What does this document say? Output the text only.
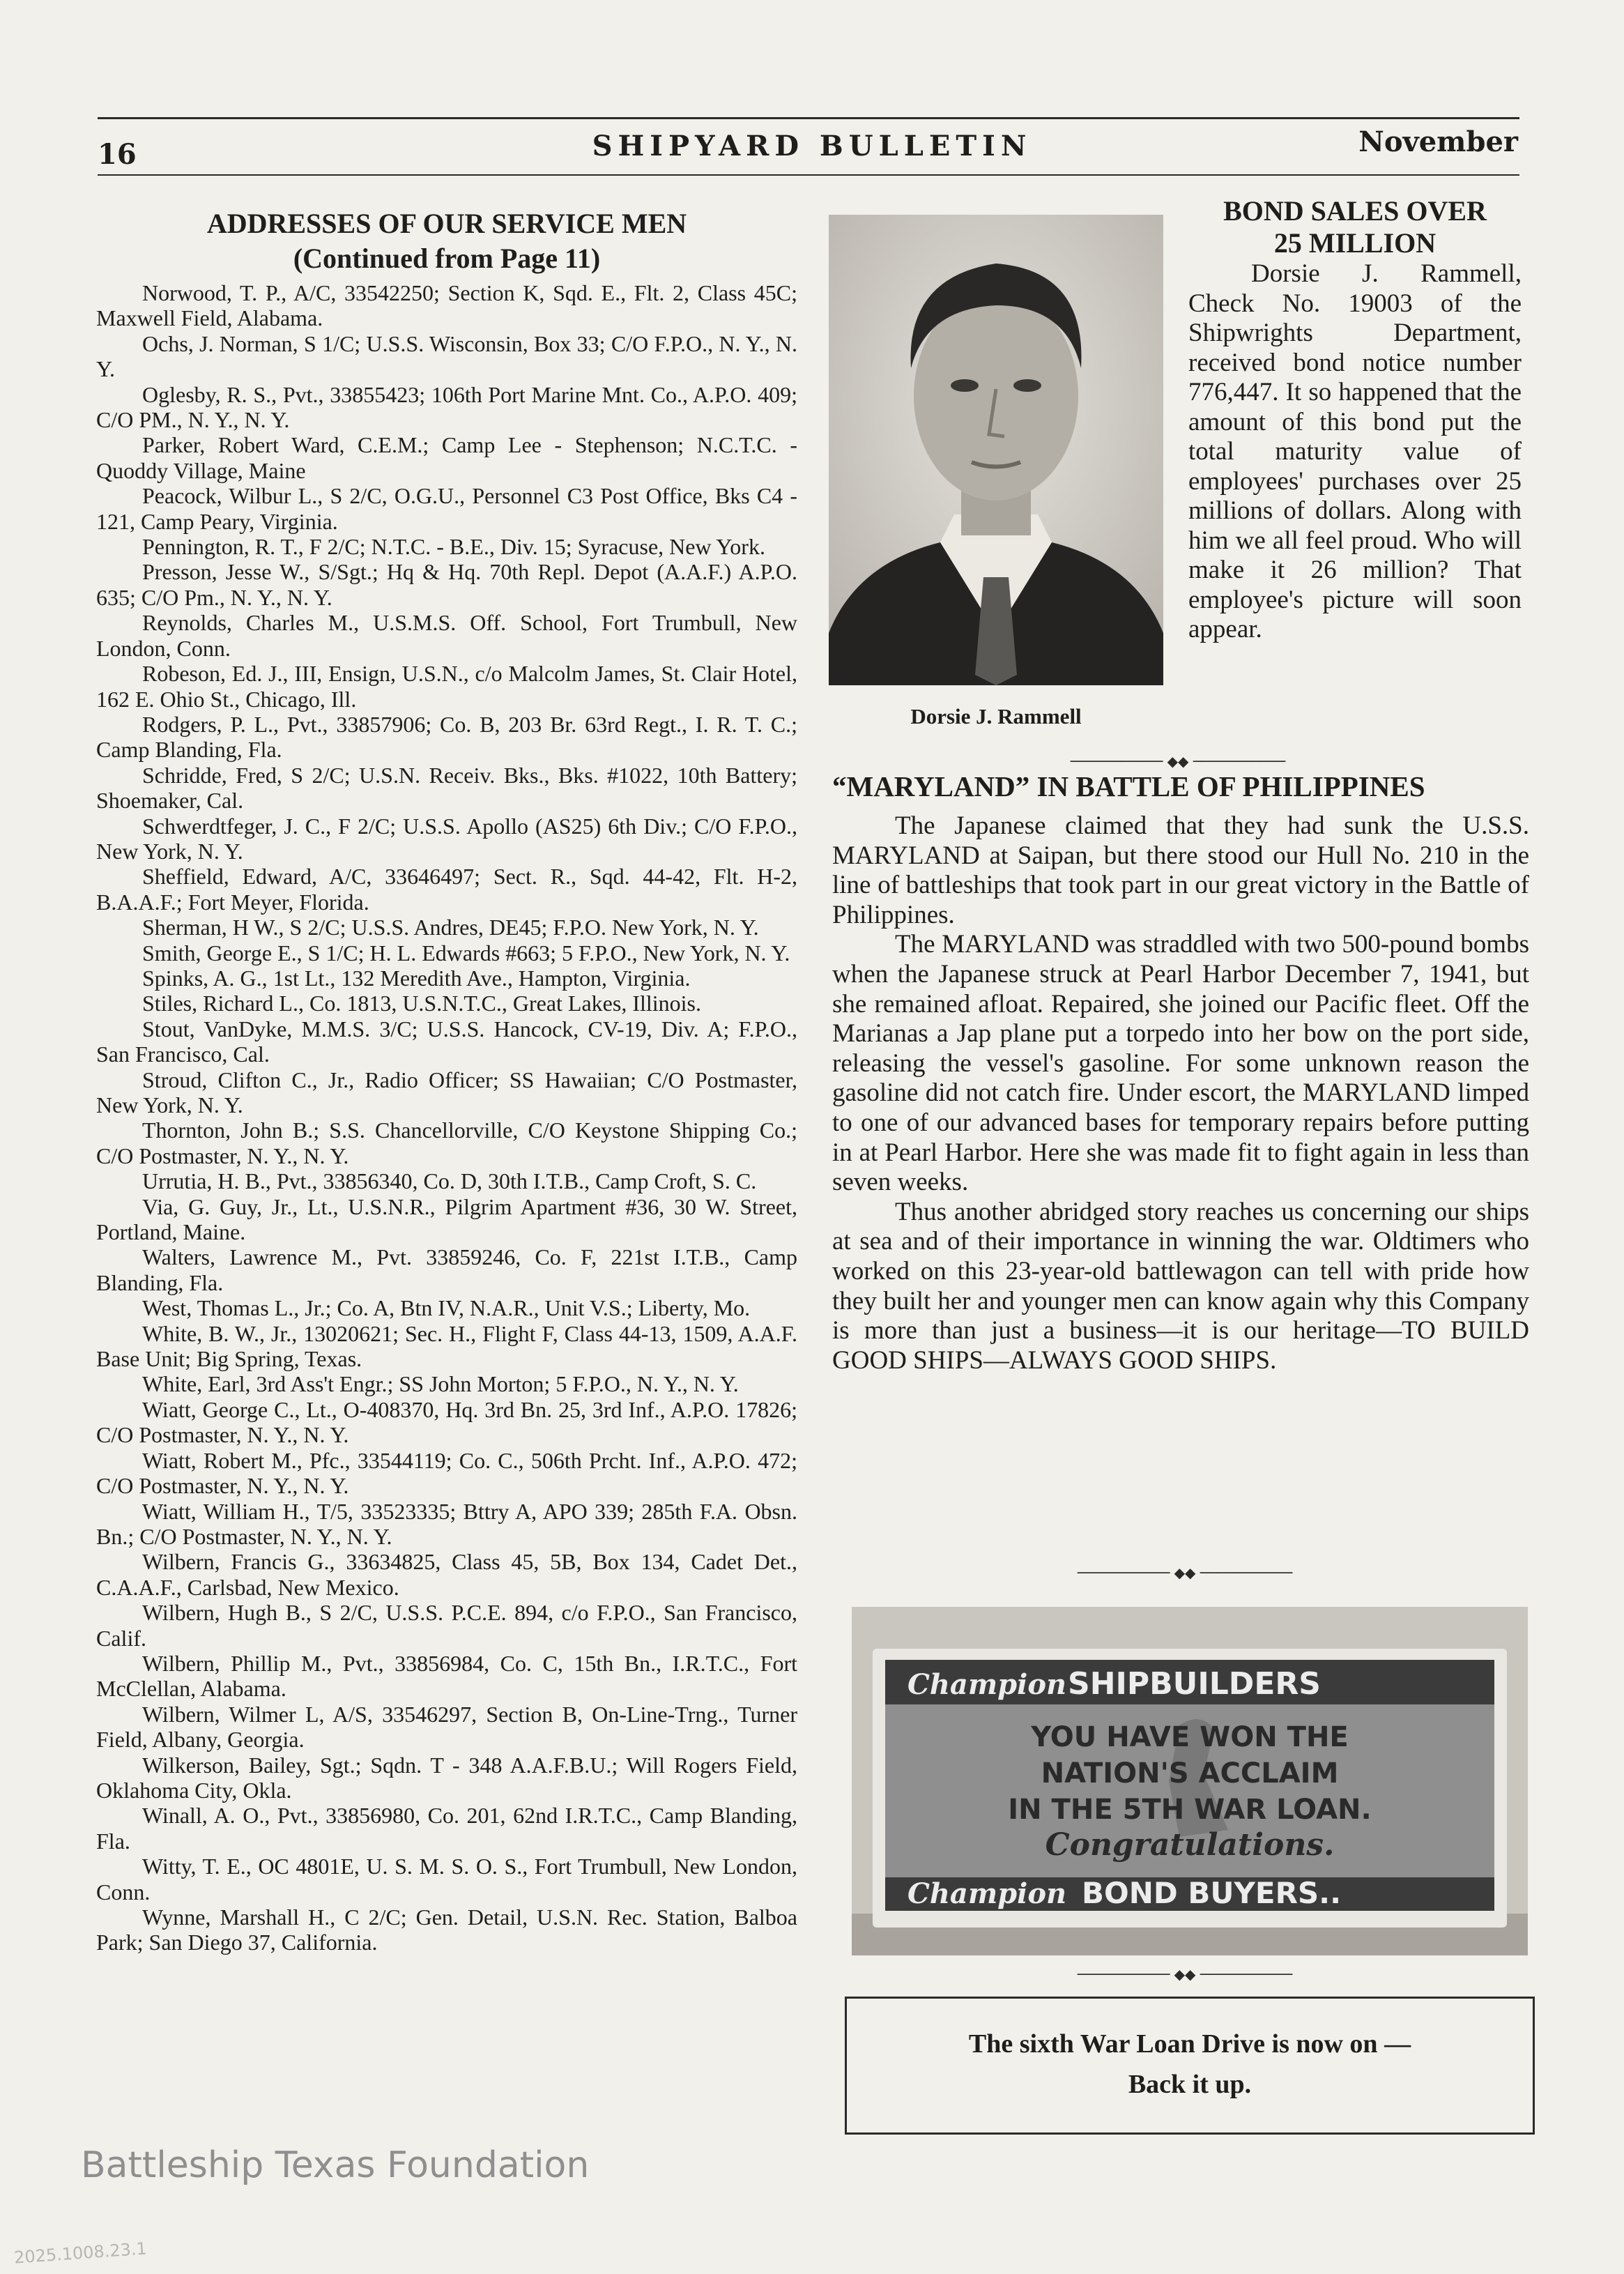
16	SHIPYARD BULLETIN	November
ADDRESSES OF OUR SERVICE MEN
(Continued from Page 11)

Norwood, T. P., A/C, 33542250; Section K, Sqd. E., Flt. 2, Class 45C; Maxwell Field, Alabama.

Ochs, J. Norman, S 1/C; U.S.S. Wisconsin, Box 33; C/O F.P.O., N. Y., N. Y.

Oglesby, R. S., Pvt., 33855423; 106th Port Marine Mnt. Co., A.P.O. 409; C/O PM., N. Y., N. Y.

Parker, Robert Ward, C.E.M.; Camp Lee - Stephenson; N.C.T.C. - Quoddy Village, Maine

Peacock, Wilbur L., S 2/C, O.G.U., Personnel C3 Post Office, Bks C4 - 121, Camp Peary, Virginia.

Pennington, R. T., F 2/C; N.T.C. - B.E., Div. 15; Syracuse, New York.

Presson, Jesse W., S/Sgt.; Hq & Hq. 70th Repl. Depot (A.A.F.) A.P.O. 635; C/O Pm., N. Y., N. Y.

Reynolds, Charles M., U.S.M.S. Off. School, Fort Trumbull, New London, Conn.

Robeson, Ed. J., III, Ensign, U.S.N., c/o Malcolm James, St. Clair Hotel, 162 E. Ohio St., Chicago, Ill.

Rodgers, P. L., Pvt., 33857906; Co. B, 203 Br. 63rd Regt., I. R. T. C.; Camp Blanding, Fla.

Schridde, Fred, S 2/C; U.S.N. Receiv. Bks., Bks. #1022, 10th Battery; Shoemaker, Cal.

Schwerdtfeger, J. C., F 2/C; U.S.S. Apollo (AS25) 6th Div.; C/O F.P.O., New York, N. Y.

Sheffield, Edward, A/C, 33646497; Sect. R., Sqd. 44-42, Flt. H-2, B.A.A.F.; Fort Meyer, Florida.

Sherman, H W., S 2/C; U.S.S. Andres, DE45; F.P.O. New York, N. Y.

Smith, George E., S 1/C; H. L. Edwards #663; 5 F.P.O., New York, N. Y.

Spinks, A. G., 1st Lt., 132 Meredith Ave., Hampton, Virginia.

Stiles, Richard L., Co. 1813, U.S.N.T.C., Great Lakes, Illinois.

Stout, VanDyke, M.M.S. 3/C; U.S.S. Hancock, CV-19, Div. A; F.P.O., San Francisco, Cal.

Stroud, Clifton C., Jr., Radio Officer; SS Hawaiian; C/O Postmaster, New York, N. Y.

Thornton, John B.; S.S. Chancellorville, C/O Keystone Shipping Co.; C/O Postmaster, N. Y., N. Y.

Urrutia, H. B., Pvt., 33856340, Co. D, 30th I.T.B., Camp Croft, S. C.

Via, G. Guy, Jr., Lt., U.S.N.R., Pilgrim Apartment #36, 30 W. Street, Portland, Maine.

Walters, Lawrence M., Pvt. 33859246, Co. F, 221st I.T.B., Camp Blanding, Fla.

West, Thomas L., Jr.; Co. A, Btn IV, N.A.R., Unit V.S.; Liberty, Mo.

White, B. W., Jr., 13020621; Sec. H., Flight F, Class 44-13, 1509, A.A.F. Base Unit; Big Spring, Texas.

White, Earl, 3rd Ass't Engr.; SS John Morton; 5 F.P.O., N. Y., N. Y.

Wiatt, George C., Lt., O-408370, Hq. 3rd Bn. 25, 3rd Inf., A.P.O. 17826; C/O Postmaster, N. Y., N. Y.

Wiatt, Robert M., Pfc., 33544119; Co. C., 506th Prcht. Inf., A.P.O. 472; C/O Postmaster, N. Y., N. Y.

Wiatt, William H., T/5, 33523335; Bttry A, APO 339; 285th F.A. Obsn. Bn.; C/O Postmaster, N. Y., N. Y.

Wilbern, Francis G., 33634825, Class 45, 5B, Box 134, Cadet Det., C.A.A.F., Carlsbad, New Mexico.

Wilbern, Hugh B., S 2/C, U.S.S. P.C.E. 894, c/o F.P.O., San Francisco, Calif.

Wilbern, Phillip M., Pvt., 33856984, Co. C, 15th Bn., I.R.T.C., Fort McClellan, Alabama.

Wilbern, Wilmer L, A/S, 33546297, Section B, On-Line-Trng., Turner Field, Albany, Georgia.

Wilkerson, Bailey, Sgt.; Sqdn. T - 348 A.A.F.B.U.; Will Rogers Field, Oklahoma City, Okla.

Winall, A. O., Pvt., 33856980, Co. 201, 62nd I.R.T.C., Camp Blanding, Fla.

Witty, T. E., OC 4801E, U. S. M. S. O. S., Fort Trumbull, New London, Conn.

Wynne, Marshall H., C 2/C; Gen. Detail, U.S.N. Rec. Station, Balboa Park; San Diego 37, California.

Dorsie J. Rammell
BOND SALES OVER
25 MILLION

Dorsie J. Rammell, Check No. 19003 of the Shipwrights Department, received bond notice number 776,447. It so happened that the amount of this bond put the total maturity value of employees' purchases over 25 millions of dollars. Along with him we all feel proud. Who will make it 26 million? That employee's picture will soon appear.

─────────── ◆◆ ───────────
“MARYLAND” IN BATTLE OF PHILIPPINES

The Japanese claimed that they had sunk the U.S.S. MARYLAND at Saipan, but there stood our Hull No. 210 in the line of battleships that took part in our great victory in the Battle of Philippines.

The MARYLAND was straddled with two 500-pound bombs when the Japanese struck at Pearl Harbor December 7, 1941, but she remained afloat. Repaired, she joined our Pacific fleet. Off the Marianas a Jap plane put a torpedo into her bow on the port side, releasing the vessel's gasoline. For some unknown reason the gasoline did not catch fire. Under escort, the MARYLAND limped to one of our advanced bases for temporary repairs before putting in at Pearl Harbor. Here she was made fit to fight again in less than seven weeks.

Thus another abridged story reaches us concerning our ships at sea and of their importance in winning the war. Oldtimers who worked on this 23-year-old battlewagon can tell with pride how they built her and younger men can know again why this Company is more than just a business—it is our heritage—TO BUILD GOOD SHIPS—ALWAYS GOOD SHIPS.

─────────── ◆◆ ───────────
Champion SHIPBUILDERS
YOU HAVE WON THE
NATION'S ACCLAIM
IN THE 5TH WAR LOAN.
Congratulations.
Champion BOND BUYERS..
─────────── ◆◆ ───────────
The sixth War Loan Drive is now on —
Back it up.
Battleship Texas Foundation
2025.1008.23.1
